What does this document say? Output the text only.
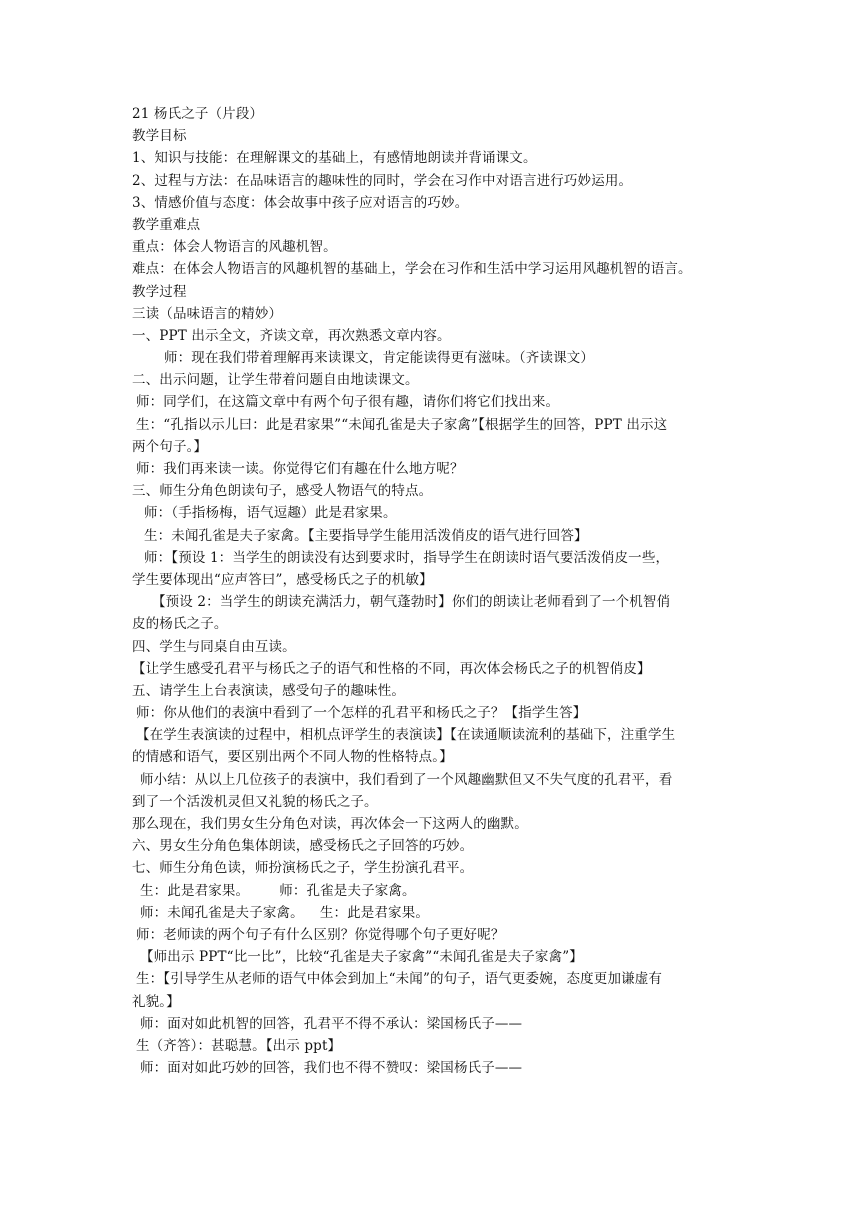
21 杨氏之子（片段）
教学目标
1、知识与技能：在理解课文的基础上，有感情地朗读并背诵课文。
2、过程与方法：在品味语言的趣味性的同时，学会在习作中对语言进行巧妙运用。
3、情感价值与态度：体会故事中孩子应对语言的巧妙。
教学重难点
重点：体会人物语言的风趣机智。
难点：在体会人物语言的风趣机智的基础上，学会在习作和生活中学习运用风趣机智的语言。
教学过程
三读（品味语言的精妙）
一、PPT 出示全文，齐读文章，再次熟悉文章内容。
师：现在我们带着理解再来读课文，肯定能读得更有滋味。（齐读课文）
二、出示问题，让学生带着问题自由地读课文。
师：同学们，在这篇文章中有两个句子很有趣，请你们将它们找出来。
生：“孔指以示儿曰：此是君家果”“未闻孔雀是夫子家禽”【根据学生的回答，PPT 出示这
两个句子。】
师：我们再来读一读。你觉得它们有趣在什么地方呢？
三、师生分角色朗读句子，感受人物语气的特点。
师：（手指杨梅，语气逗趣）此是君家果。
生：未闻孔雀是夫子家禽。【主要指导学生能用活泼俏皮的语气进行回答】
师：【预设 1：当学生的朗读没有达到要求时，指导学生在朗读时语气要活泼俏皮一些，
学生要体现出“应声答曰”，感受杨氏之子的机敏】
【预设 2：当学生的朗读充满活力，朝气蓬勃时】你们的朗读让老师看到了一个机智俏
皮的杨氏之子。
四、学生与同桌自由互读。
【让学生感受孔君平与杨氏之子的语气和性格的不同，再次体会杨氏之子的机智俏皮】
五、请学生上台表演读，感受句子的趣味性。
师：你从他们的表演中看到了一个怎样的孔君平和杨氏之子？【指学生答】
【在学生表演读的过程中，相机点评学生的表演读】【在读通顺读流利的基础下，注重学生
的情感和语气，要区别出两个不同人物的性格特点。】
师小结：从以上几位孩子的表演中，我们看到了一个风趣幽默但又不失气度的孔君平，看
到了一个活泼机灵但又礼貌的杨氏之子。
那么现在，我们男女生分角色对读，再次体会一下这两人的幽默。
六、男女生分角色集体朗读，感受杨氏之子回答的巧妙。
七、师生分角色读，师扮演杨氏之子，学生扮演孔君平。
生：此是君家果。 师：孔雀是夫子家禽。
师：未闻孔雀是夫子家禽。 生：此是君家果。
师：老师读的两个句子有什么区别？你觉得哪个句子更好呢？
【师出示 PPT“比一比”，比较“孔雀是夫子家禽”“未闻孔雀是夫子家禽”】
生：【引导学生从老师的语气中体会到加上“未闻”的句子，语气更委婉，态度更加谦虚有
礼貌。】
师：面对如此机智的回答，孔君平不得不承认：梁国杨氏子——
生（齐答）：甚聪慧。【出示 ppt】
师：面对如此巧妙的回答，我们也不得不赞叹：梁国杨氏子——
